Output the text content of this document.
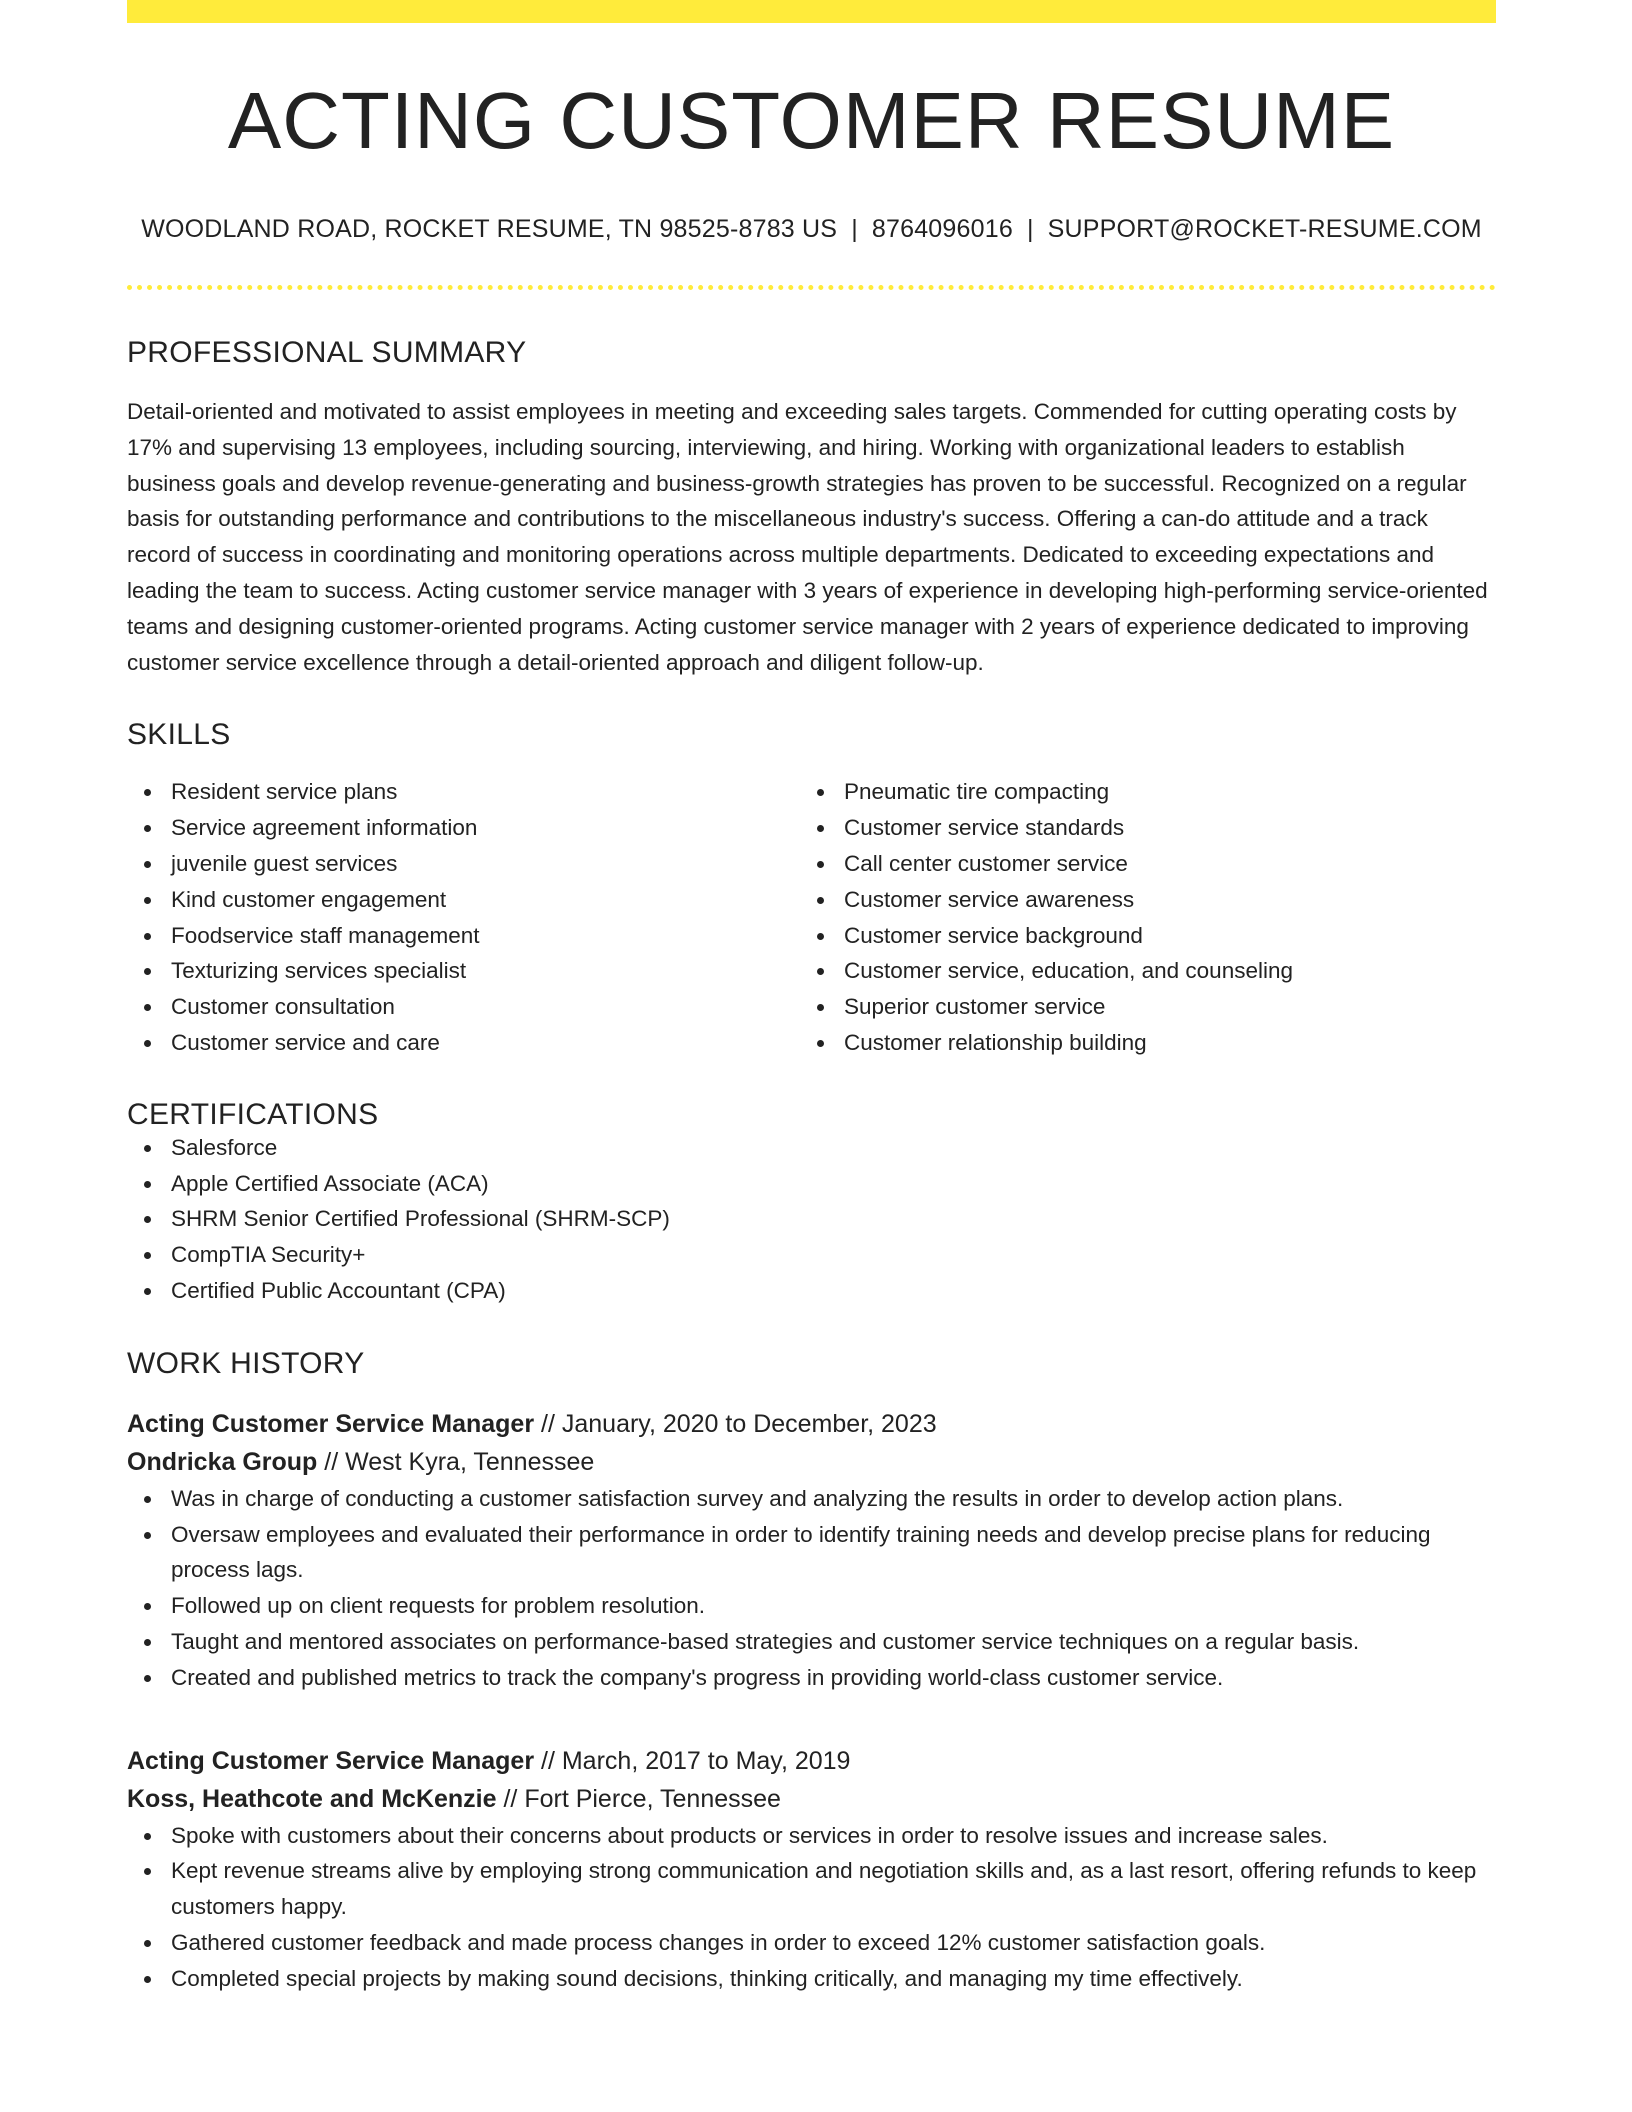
ACTING CUSTOMER RESUME
WOODLAND ROAD, ROCKET RESUME, TN 98525-8783 US | 8764096016 | SUPPORT@ROCKET-RESUME.COM
PROFESSIONAL SUMMARY

Detail-oriented and motivated to assist employees in meeting and exceeding sales targets. Commended for cutting operating costs by 17% and supervising 13 employees, including sourcing, interviewing, and hiring. Working with organizational leaders to establish business goals and develop revenue-generating and business-growth strategies has proven to be successful. Recognized on a regular basis for outstanding performance and contributions to the miscellaneous industry's success. Offering a can-do attitude and a track record of success in coordinating and monitoring operations across multiple departments. Dedicated to exceeding expectations and leading the team to success. Acting customer service manager with 3 years of experience in developing high-performing service-oriented teams and designing customer-oriented programs. Acting customer service manager with 2 years of experience dedicated to improving customer service excellence through a detail-oriented approach and diligent follow-up.

SKILLS
Resident service plans
Service agreement information
juvenile guest services
Kind customer engagement
Foodservice staff management
Texturizing services specialist
Customer consultation
Customer service and care
Pneumatic tire compacting
Customer service standards
Call center customer service
Customer service awareness
Customer service background
Customer service, education, and counseling
Superior customer service
Customer relationship building
CERTIFICATIONS
Salesforce
Apple Certified Associate (ACA)
SHRM Senior Certified Professional (SHRM-SCP)
CompTIA Security+
Certified Public Accountant (CPA)
WORK HISTORY
Acting Customer Service Manager // January, 2020 to December, 2023
Ondricka Group // West Kyra, Tennessee
Was in charge of conducting a customer satisfaction survey and analyzing the results in order to develop action plans.
Oversaw employees and evaluated their performance in order to identify training needs and develop precise plans for reducing process lags.
Followed up on client requests for problem resolution.
Taught and mentored associates on performance-based strategies and customer service techniques on a regular basis.
Created and published metrics to track the company's progress in providing world-class customer service.
Acting Customer Service Manager // March, 2017 to May, 2019
Koss, Heathcote and McKenzie // Fort Pierce, Tennessee
Spoke with customers about their concerns about products or services in order to resolve issues and increase sales.
Kept revenue streams alive by employing strong communication and negotiation skills and, as a last resort, offering refunds to keep customers happy.
Gathered customer feedback and made process changes in order to exceed 12% customer satisfaction goals.
Completed special projects by making sound decisions, thinking critically, and managing my time effectively.
